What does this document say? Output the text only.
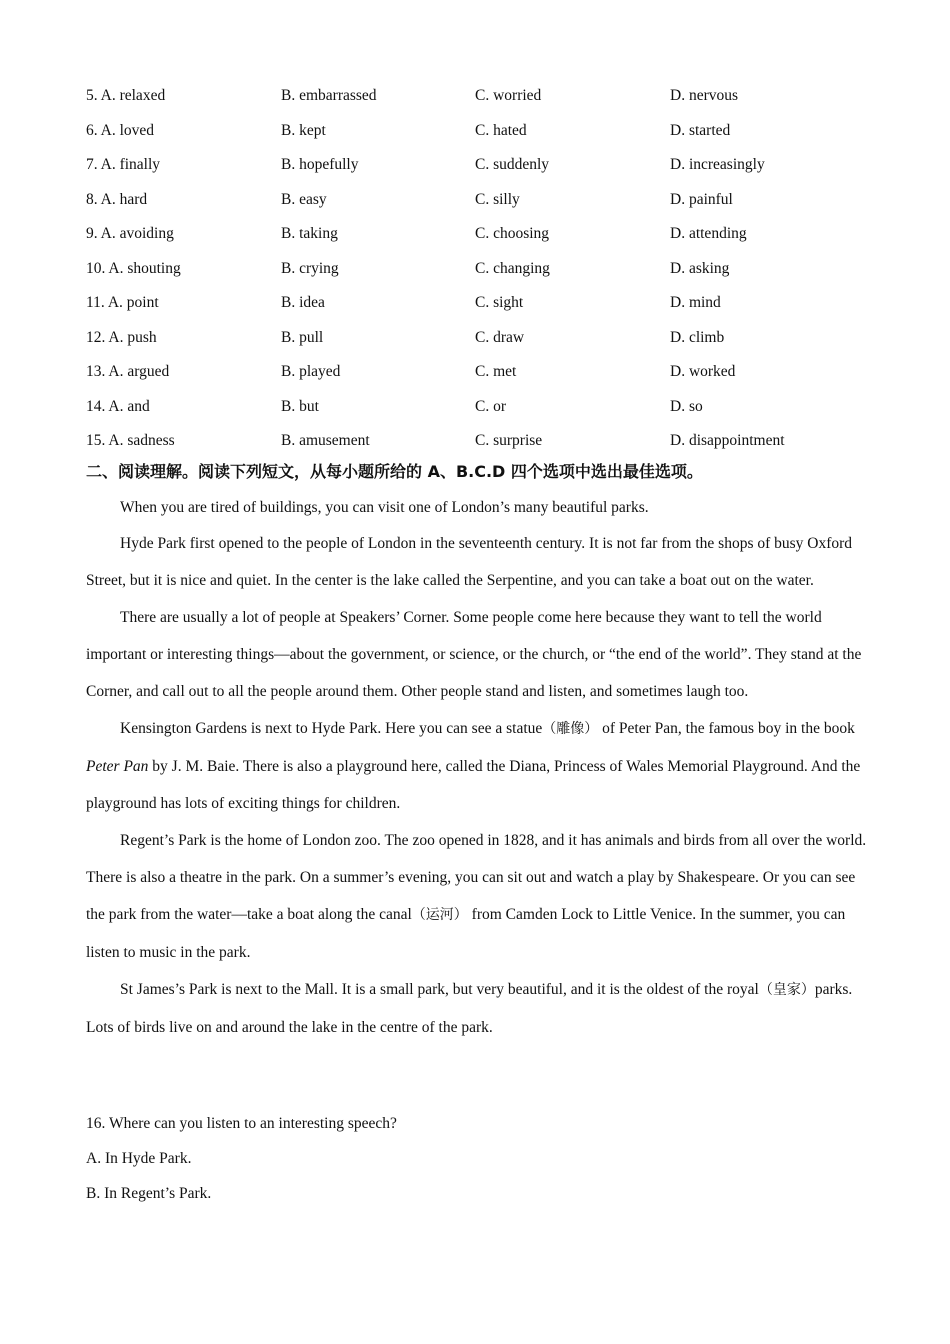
5. A. relaxed	B. embarrassed	C. worried	D. nervous
6. A. loved	B. kept	C. hated	D. started
7. A. finally	B. hopefully	C. suddenly	D. increasingly
8. A. hard	B. easy	C. silly	D. painful
9. A. avoiding	B. taking	C. choosing	D. attending
10. A. shouting	B. crying	C. changing	D. asking
11. A. point	B. idea	C. sight	D. mind
12. A. push	B. pull	C. draw	D. climb
13. A. argued	B. played	C. met	D. worked
14. A. and	B. but	C. or	D. so
15. A. sadness	B. amusement	C. surprise	D. disappointment
二、阅读理解。阅读下列短文，从每小题所给的 A、B.C.D 四个选项中选出最佳选项。

When you are tired of buildings, you can visit one of London’s many beautiful parks.

Hyde Park first opened to the people of London in the seventeenth century. It is not far from the shops of busy Oxford Street, but it is nice and quiet. In the center is the lake called the Serpentine, and you can take a boat out on the water.

There are usually a lot of people at Speakers’ Corner. Some people come here because they want to tell the world important or interesting things—about the government, or science, or the church, or “the end of the world”. They stand at the Corner, and call out to all the people around them. Other people stand and listen, and sometimes laugh too.

Kensington Gardens is next to Hyde Park. Here you can see a statue（雕像） of Peter Pan, the famous boy in the book Peter Pan by J. M. Baie. There is also a playground here, called the Diana, Princess of Wales Memorial Playground. And the playground has lots of exciting things for children.

Regent’s Park is the home of London zoo. The zoo opened in 1828, and it has animals and birds from all over the world. There is also a theatre in the park. On a summer’s evening, you can sit out and watch a play by Shakespeare. Or you can see the park from the water—take a boat along the canal（运河） from Camden Lock to Little Venice. In the summer, you can listen to music in the park.

St James’s Park is next to the Mall. It is a small park, but very beautiful, and it is the oldest of the royal（皇家）parks. Lots of birds live on and around the lake in the centre of the park.

16. Where can you listen to an interesting speech?
A. In Hyde Park.
B. In Regent’s Park.
